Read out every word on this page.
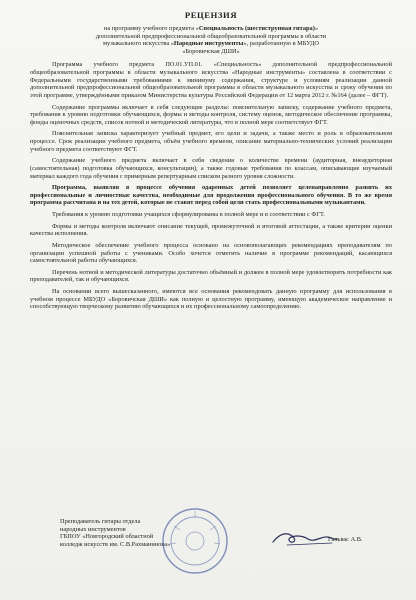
РЕЦЕНЗИЯ
на программу учебного предмета «Специальность (шестиструнная гитара)»
дополнительной предпрофессиональной общеобразовательной программы в области
музыкального искусства «Народные инструменты», разработанную в МБУДО
«Боровичская ДШИ»

Программа учебного предмета ПО.01.УП.01. «Специальность» дополнительной предпрофессиональной общеобразовательной программы в области музыкального искусства «Народные инструменты» составлена в соответствии с Федеральными государственными требованиями к минимуму содержания, структуре и условиям реализации данной дополнительной предпрофессиональной общеобразовательной программы в области музыкального искусства и сроку обучения по этой программе, утверждёнными приказом Министерства культуры Российской Федерации от 12 марта 2012 г. №164 (далее – ФГТ).

Содержание программы включает в себя следующие разделы: пояснительную записку, содержание учебного предмета, требования к уровню подготовки обучающихся, формы и методы контроля, систему оценок, методическое обеспечение программы, фонды оценочных средств, список нотной и методической литературы, что в полной мере соответствует ФГТ.

Пояснительная записка характеризует учебный предмет, его цели и задачи, а также место и роль в образовательном процессе. Срок реализации учебного предмета, объём учебного времени, описание материально-технических условий реализации учебного предмета соответствуют ФГТ.

Содержание учебного предмета включает в себя сведения о количестве времени (аудиторная, внеаудиторная (самостоятельная) подготовка обучающихся, консультации), а также годовые требования по классам, описывающие изучаемый материал каждого года обучения с примерным репертуарным списком разного уровня сложности.

Программа, выявляя в процессе обучения одаренных детей позволяет целенаправленно развить их профессиональные и личностные качества, необходимые для продолжения профессионального обучения. В то же время программа рассчитана и на тех детей, которые не ставят перед собой цели стать профессиональными музыкантами.

Требования к уровню подготовки учащихся сформулированы в полной мере и в соответствии с ФГТ.

Формы и методы контроля включают описание текущей, промежуточной и итоговой аттестации, а также критерии оценки качества исполнения.

Методическое обеспечение учебного процесса основано на основополагающих рекомендациях преподавателям по организации успешной работы с учениками. Особо хочется отметить наличие в программе рекомендаций, касающихся самостоятельной работы обучающихся.

Перечень нотной и методической литературы достаточно объёмный и должен в полной мере удовлетворить потребности как преподавателей, так и обучающихся.

На основании всего вышесказанного, имеются все основания рекомендовать данную программу для использования в учебном процессе МБУДО «Боровичская ДШИ» как полную и целостную программу, имеющую академическое направление и способствующую творческому развитию обучающихся и их профессиональному самоопределению.

Преподаватель гитары отдела
народных инструментов
ГБПОУ «Новгородский областной
колледж искусств им. С.В.Рахманинова»
Гальвас А.В.
